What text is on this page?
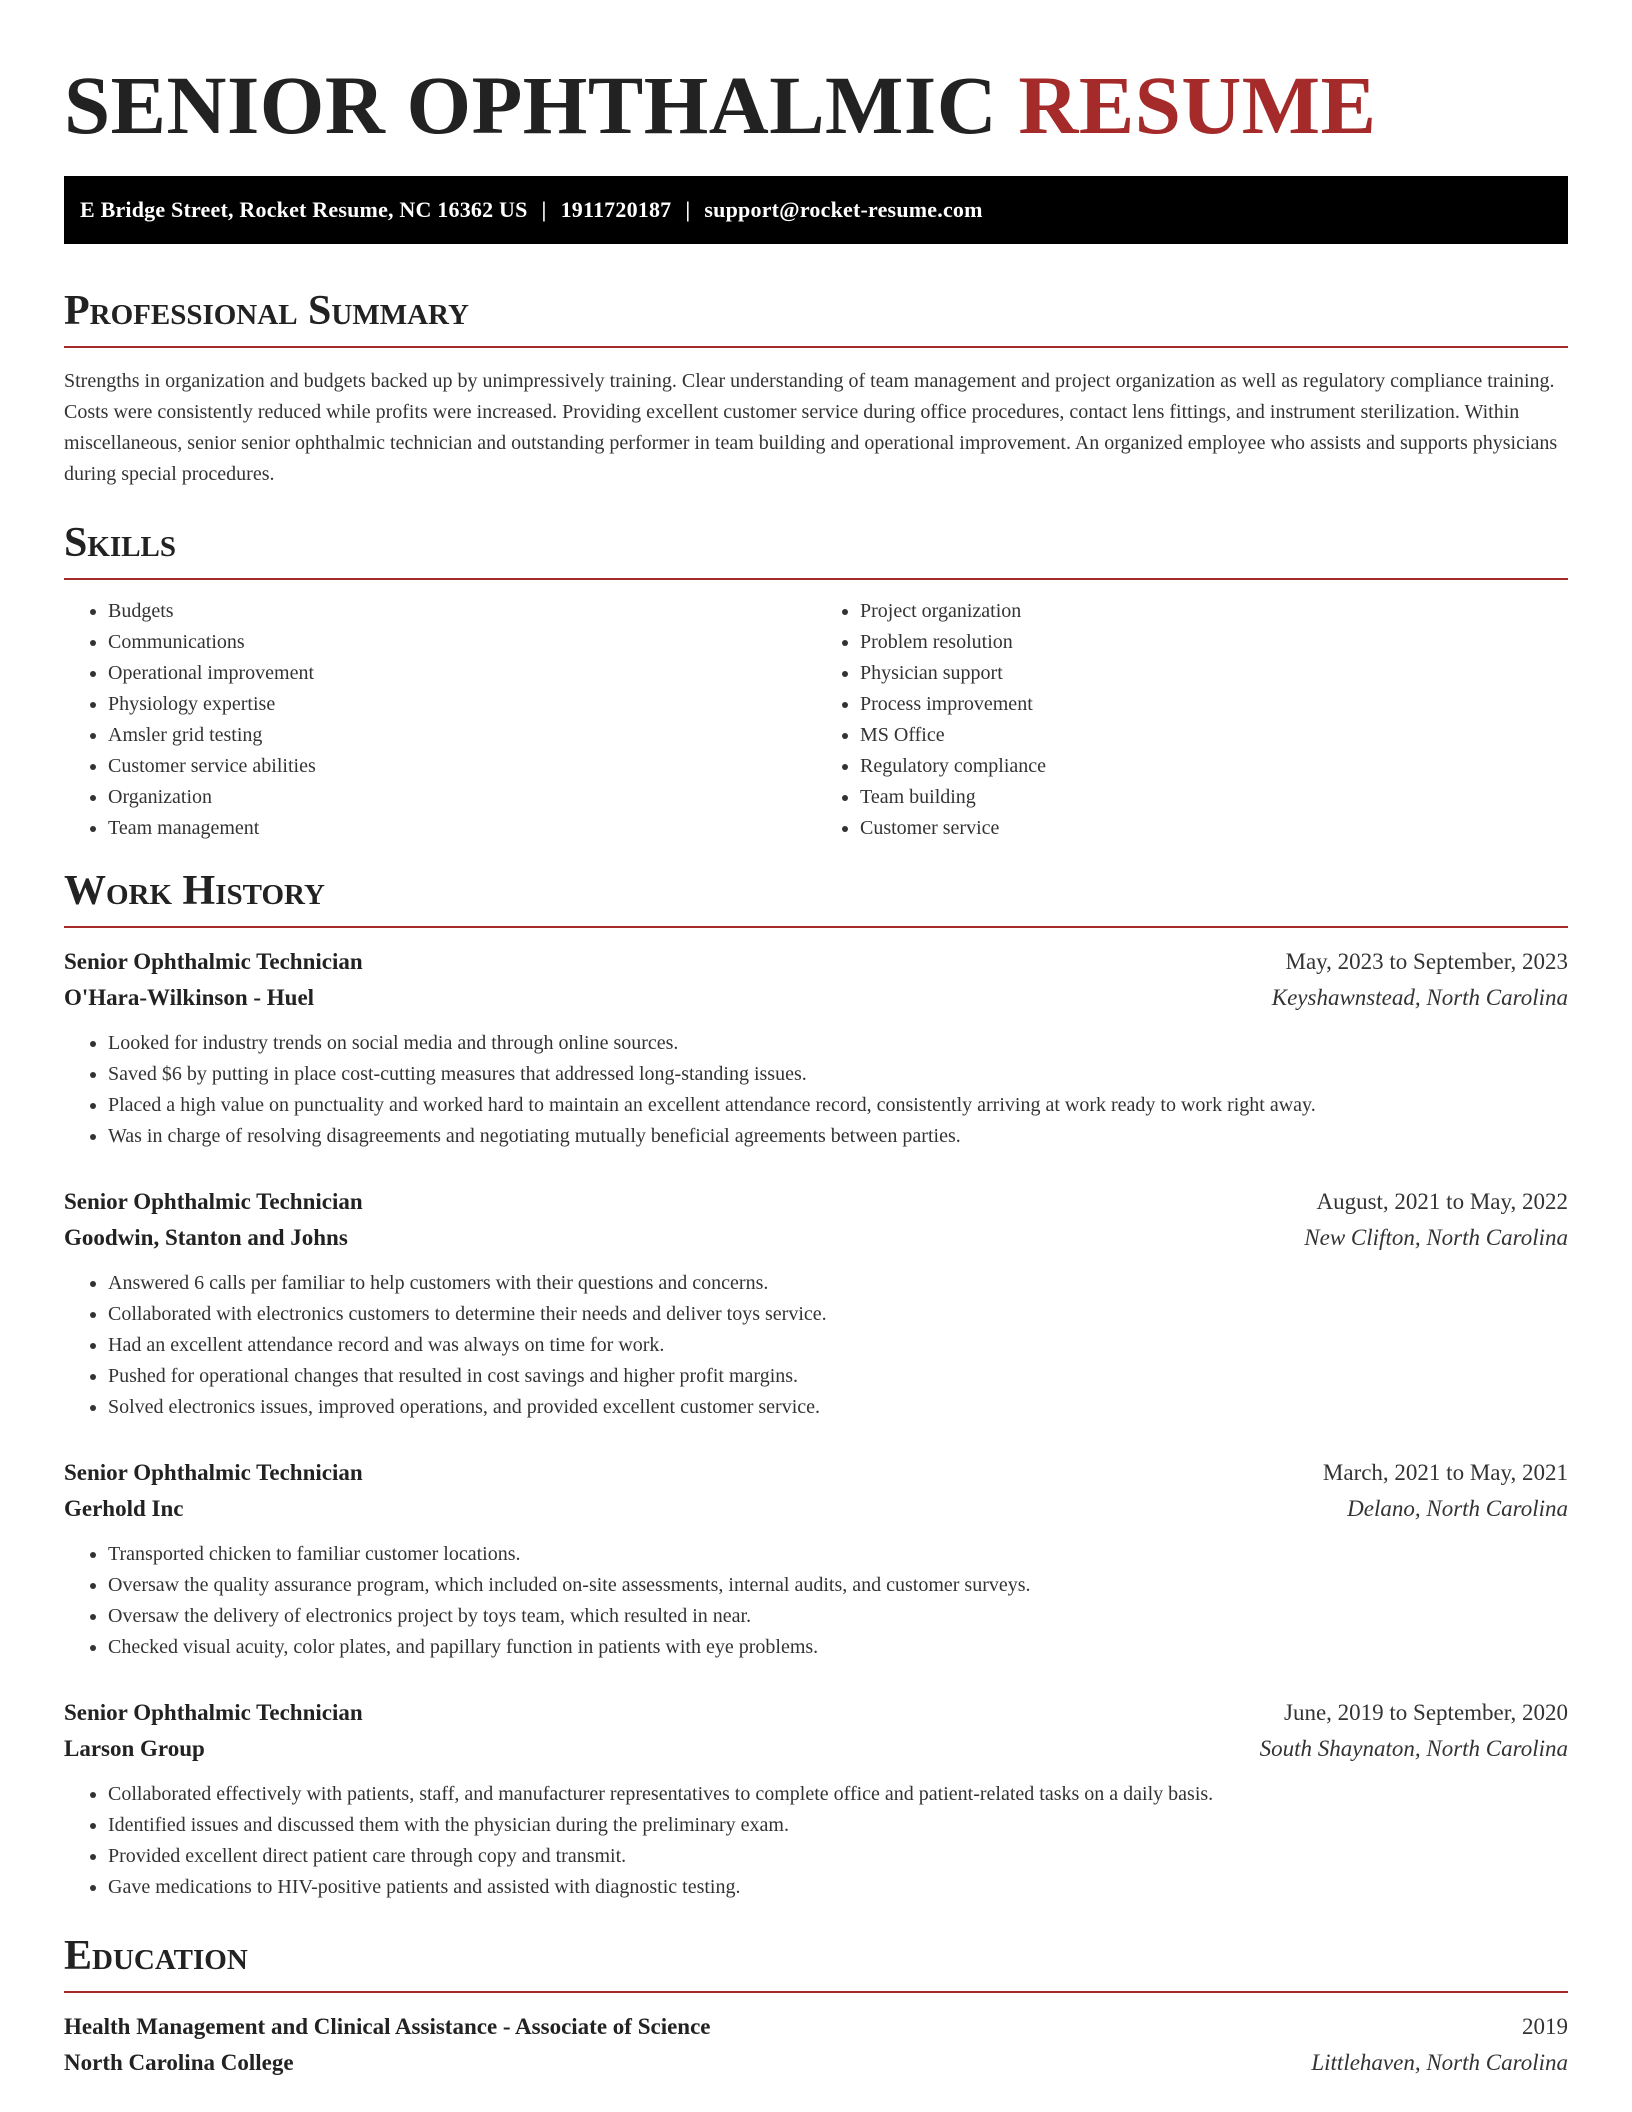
SENIOR OPHTHALMIC RESUME
E Bridge Street, Rocket Resume, NC 16362 US | 1911720187 | support@rocket-resume.com
Professional Summary

Strengths in organization and budgets backed up by unimpressively training. Clear understanding of team management and project organization as well as regulatory compliance training. Costs were consistently reduced while profits were increased. Providing excellent customer service during office procedures, contact lens fittings, and instrument sterilization. Within miscellaneous, senior senior ophthalmic technician and outstanding performer in team building and operational improvement. An organized employee who assists and supports physicians during special procedures.

Skills
• Budgets
• Communications
• Operational improvement
• Physiology expertise
• Amsler grid testing
• Customer service abilities
• Organization
• Team management
• Project organization
• Problem resolution
• Physician support
• Process improvement
• MS Office
• Regulatory compliance
• Team building
• Customer service
Work History
Senior Ophthalmic Technician	May, 2023 to September, 2023
O'Hara-Wilkinson - Huel	Keyshawnstead, North Carolina
• Looked for industry trends on social media and through online sources.
• Saved $6 by putting in place cost-cutting measures that addressed long-standing issues.
• Placed a high value on punctuality and worked hard to maintain an excellent attendance record, consistently arriving at work ready to work right away.
• Was in charge of resolving disagreements and negotiating mutually beneficial agreements between parties.
Senior Ophthalmic Technician	August, 2021 to May, 2022
Goodwin, Stanton and Johns	New Clifton, North Carolina
• Answered 6 calls per familiar to help customers with their questions and concerns.
• Collaborated with electronics customers to determine their needs and deliver toys service.
• Had an excellent attendance record and was always on time for work.
• Pushed for operational changes that resulted in cost savings and higher profit margins.
• Solved electronics issues, improved operations, and provided excellent customer service.
Senior Ophthalmic Technician	March, 2021 to May, 2021
Gerhold Inc	Delano, North Carolina
• Transported chicken to familiar customer locations.
• Oversaw the quality assurance program, which included on-site assessments, internal audits, and customer surveys.
• Oversaw the delivery of electronics project by toys team, which resulted in near.
• Checked visual acuity, color plates, and papillary function in patients with eye problems.
Senior Ophthalmic Technician	June, 2019 to September, 2020
Larson Group	South Shaynaton, North Carolina
• Collaborated effectively with patients, staff, and manufacturer representatives to complete office and patient-related tasks on a daily basis.
• Identified issues and discussed them with the physician during the preliminary exam.
• Provided excellent direct patient care through copy and transmit.
• Gave medications to HIV-positive patients and assisted with diagnostic testing.
Education
Health Management and Clinical Assistance - Associate of Science	2019
North Carolina College	Littlehaven, North Carolina
